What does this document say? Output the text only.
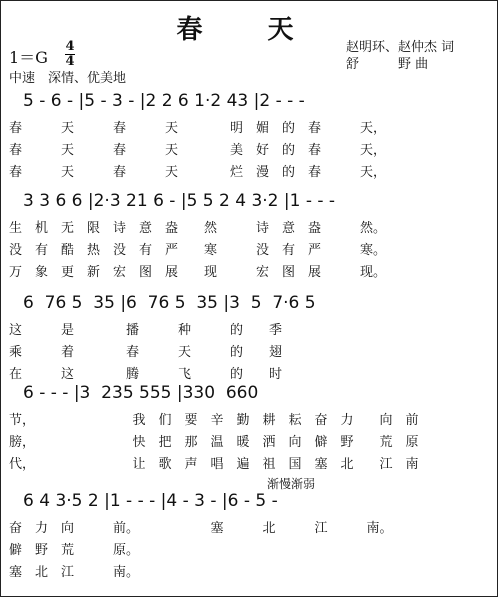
春 天
赵明环、赵仲杰 词
舒　　　野 曲
1＝G
4
4
中速　深情、优美地

5 - 6 - |5 - 3 - |2 2 6 1·2 43 |2 - - -

春　　　天　　　春　　　天　　　　明　媚　的　春　　　天，
春　　　天　　　春　　　天　　　　美　好　的　春　　　天，
春　　　天　　　春　　　天　　　　烂　漫　的　春　　　天，

3 3 6 6 |2·3 21 6 - |5 5 2 4 3·2 |1 - - -

生　机　无　限　诗　意　盎　　然　　　诗　意　盎　　　然。
没　有　酷　热　没　有　严　　寒　　　没　有　严　　　寒。
万　象　更　新　宏　图　展　　现　　　宏　图　展　　　现。

6  76 5  35 |6  76 5  35 |3  5  7·6 5

这　　　是　　　　播　　　种　　　的　　季
乘　　　着　　　　春　　　天　　　的　　翅
在　　　这　　　　腾　　　飞　　　的　　时

6 - - - |3  235 555 |330  660

节，　　　　　　　　我　们　要　辛　勤　耕　耘　奋　力　　向　前
膀，　　　　　　　　快　把　那　温　暖　洒　向　僻　野　　荒　原
代，　　　　　　　　让　歌　声　唱　遍　祖　国　塞　北　　江　南
渐慢渐弱

6 4 3·5 2 |1 - - - |4 - 3 - |6 - 5 -

奋　力　向　　　前。　　　　　　塞　　　北　　　江　　　南。
僻　野　荒　　　原。
塞　北　江　　　南。
